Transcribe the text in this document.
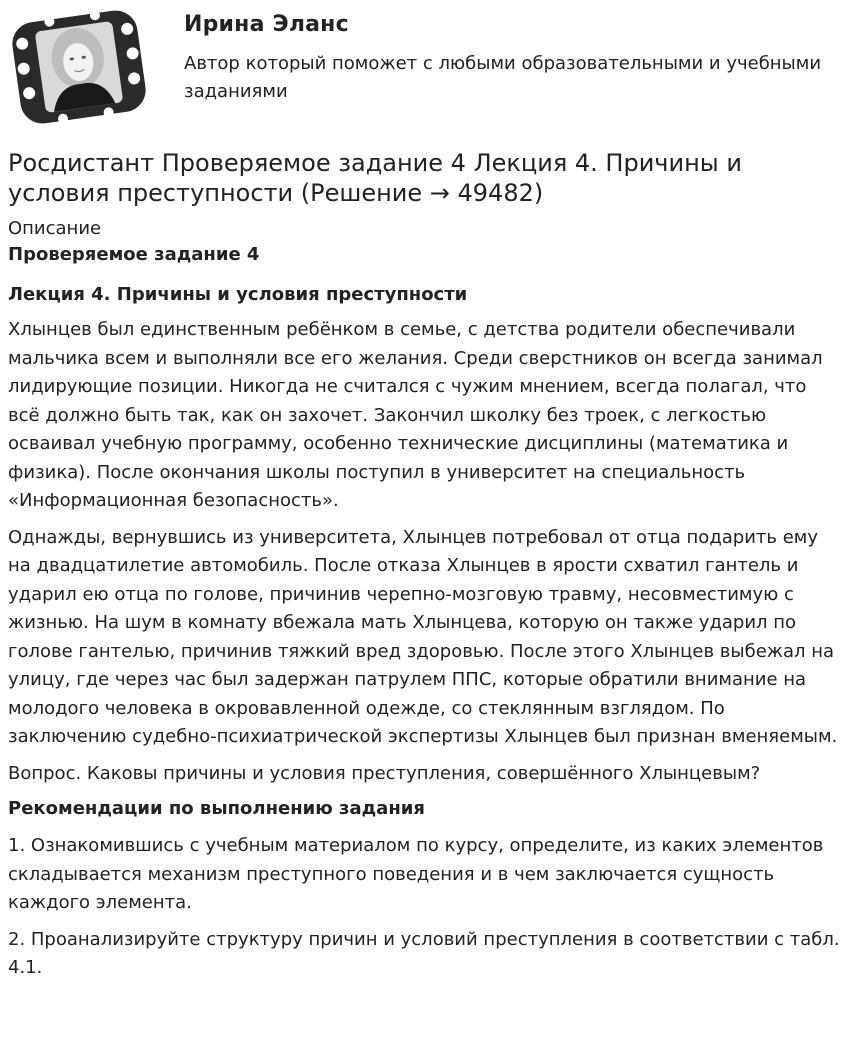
Ирина Эланс
Автор который поможет с любыми образовательными и учебными заданиями
Росдистант Проверяемое задание 4 Лекция 4. Причины и условия преступности (Решение → 49482)

Описание

Проверяемое задание 4

Лекция 4. Причины и условия преступности

Хлынцев был единственным ребёнком в семье, с детства родители обеспечивали мальчика всем и выполняли все его желания. Среди сверстников он всегда занимал лидирующие позиции. Никогда не считался с чужим мнением, всегда полагал, что всё должно быть так, как он захочет. Закончил школку без троек, с легкостью осваивал учебную программу, особенно технические дисциплины (математика и физика). После окончания школы поступил в университет на специальность «Информационная безопасность».

Однажды, вернувшись из университета, Хлынцев потребовал от отца подарить ему на двадцатилетие автомобиль. После отказа Хлынцев в ярости схватил гантель и ударил ею отца по голове, причинив черепно-мозговую травму, несовместимую с жизнью. На шум в комнату вбежала мать Хлынцева, которую он также ударил по голове гантелью, причинив тяжкий вред здоровью. После этого Хлынцев выбежал на улицу, где через час был задержан патрулем ППС, которые обратили внимание на молодого человека в окровавленной одежде, со стеклянным взглядом. По заключению судебно-психиатрической экспертизы Хлынцев был признан вменяемым.

Вопрос. Каковы причины и условия преступления, совершённого Хлынцевым?

Рекомендации по выполнению задания

1. Ознакомившись с учебным материалом по курсу, определите, из каких элементов складывается механизм преступного поведения и в чем заключается сущность каждого элемента.

2. Проанализируйте структуру причин и условий преступления в соответствии с табл. 4.1.
